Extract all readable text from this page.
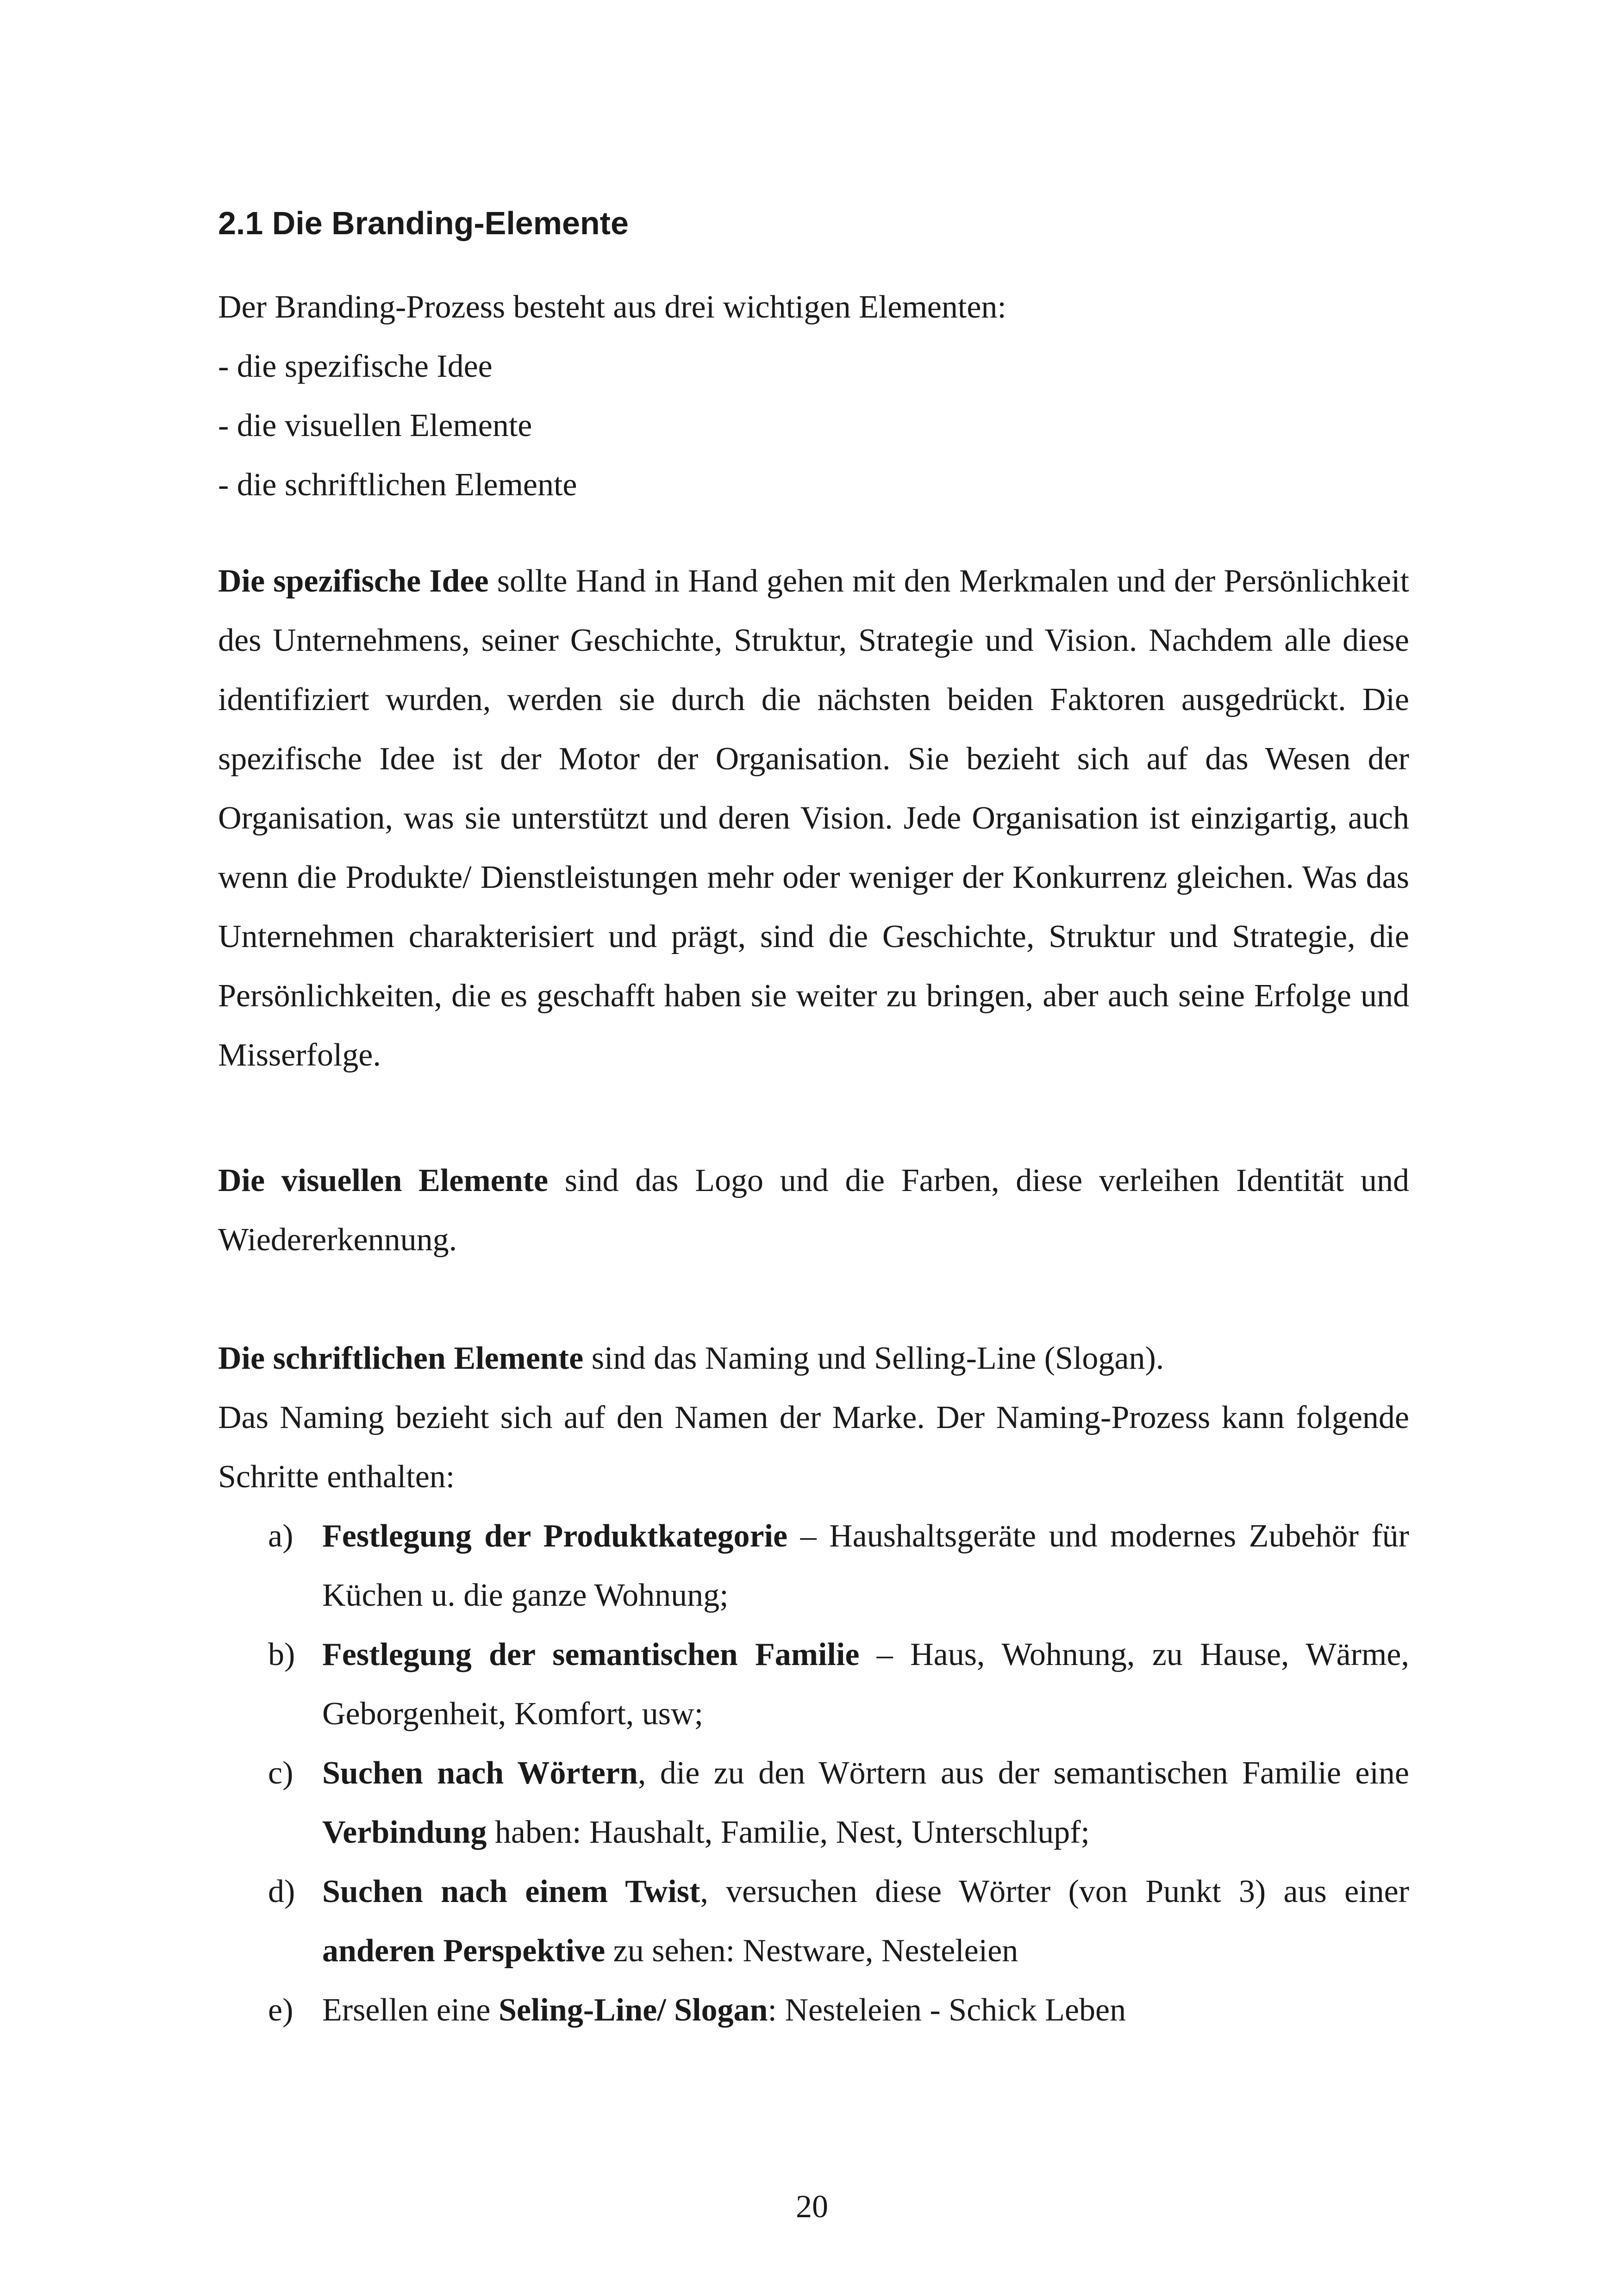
2.1 Die Branding-Elemente

Der Branding-Prozess besteht aus drei wichtigen Elementen:

- die spezifische Idee

- die visuellen Elemente

- die schriftlichen Elemente

Die spezifische Idee sollte Hand in Hand gehen mit den Merkmalen und der Persönlichkeit des Unternehmens, seiner Geschichte, Struktur, Strategie und Vision. Nachdem alle diese identifiziert wurden, werden sie durch die nächsten beiden Faktoren ausgedrückt. Die spezifische Idee ist der Motor der Organisation. Sie bezieht sich auf das Wesen der Organisation, was sie unterstützt und deren Vision. Jede Organisation ist einzigartig, auch wenn die Produkte/ Dienstleistungen mehr oder weniger der Konkurrenz gleichen. Was das Unternehmen charakterisiert und prägt, sind die Geschichte, Struktur und Strategie, die Persönlichkeiten, die es geschafft haben sie weiter zu bringen, aber auch seine Erfolge und Misserfolge.
Die visuellen Elemente sind das Logo und die Farben, diese verleihen Identität und Wiedererkennung.

Die schriftlichen Elemente sind das Naming und Selling-Line (Slogan).

Das Naming bezieht sich auf den Namen der Marke. Der Naming-Prozess kann folgende Schritte enthalten:

a) Festlegung der Produktkategorie – Haushaltsgeräte und modernes Zubehör für Küchen u. die ganze Wohnung;
b) Festlegung der semantischen Familie – Haus, Wohnung, zu Hause, Wärme, Geborgenheit, Komfort, usw;
c) Suchen nach Wörtern, die zu den Wörtern aus der semantischen Familie eine Verbindung haben: Haushalt, Familie, Nest, Unterschlupf;
d) Suchen nach einem Twist, versuchen diese Wörter (von Punkt 3) aus einer anderen Perspektive zu sehen: Nestware, Nesteleien
e) Ersellen eine Seling-Line/ Slogan: Nesteleien - Schick Leben
20
